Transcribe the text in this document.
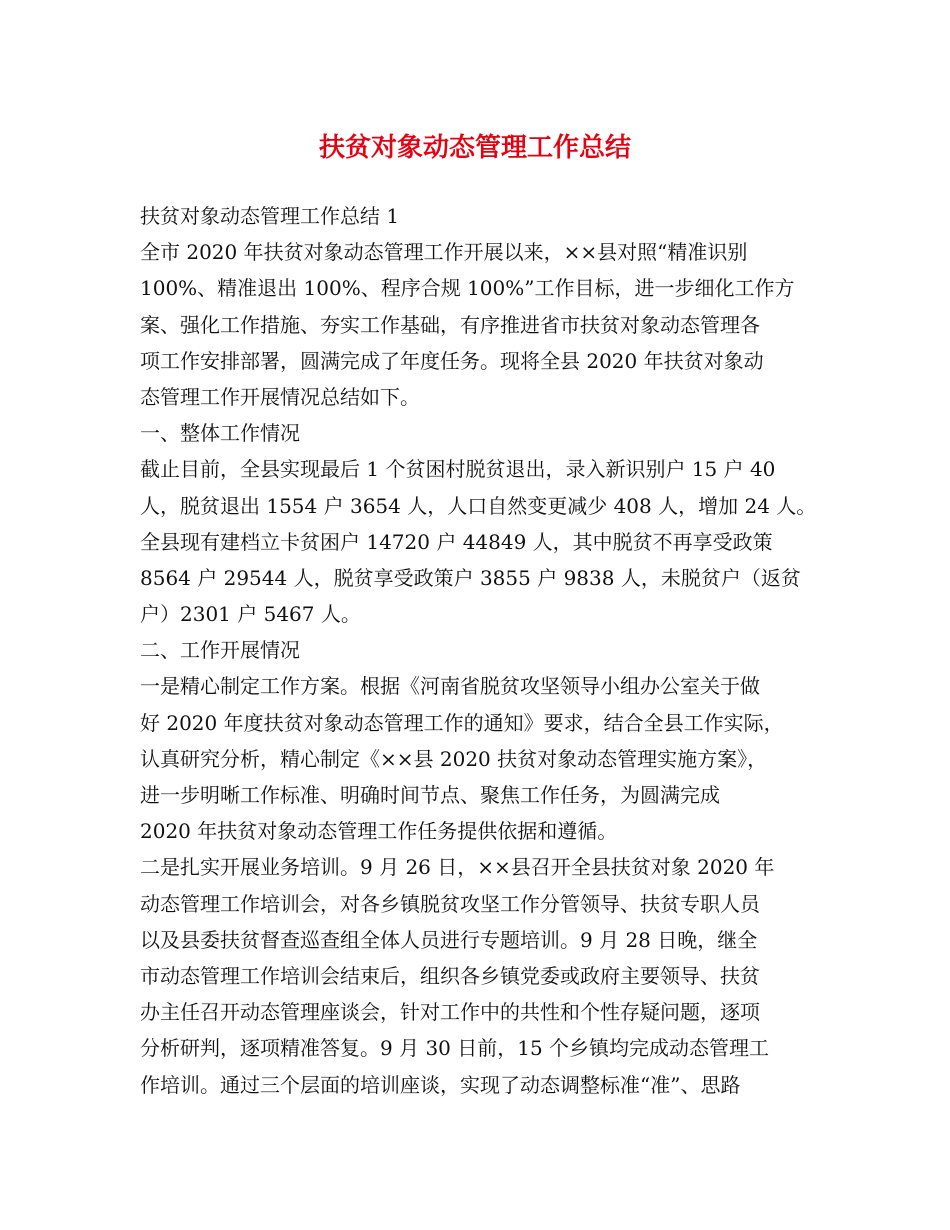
扶贫对象动态管理工作总结

扶贫对象动态管理工作总结 1

全市 2020 年扶贫对象动态管理工作开展以来，××县对照“精准识别

100%、精准退出 100%、程序合规 100%”工作目标，进一步细化工作方

案、强化工作措施、夯实工作基础，有序推进省市扶贫对象动态管理各

项工作安排部署，圆满完成了年度任务。现将全县 2020 年扶贫对象动

态管理工作开展情况总结如下。

一、整体工作情况

截止目前，全县实现最后 1 个贫困村脱贫退出，录入新识别户 15 户 40

人，脱贫退出 1554 户 3654 人，人口自然变更减少 408 人，增加 24 人。

全县现有建档立卡贫困户 14720 户 44849 人，其中脱贫不再享受政策

8564 户 29544 人，脱贫享受政策户 3855 户 9838 人，未脱贫户（返贫

户）2301 户 5467 人。

二、工作开展情况

一是精心制定工作方案。根据《河南省脱贫攻坚领导小组办公室关于做

好 2020 年度扶贫对象动态管理工作的通知》要求，结合全县工作实际，

认真研究分析，精心制定《××县 2020 扶贫对象动态管理实施方案》，

进一步明晰工作标准、明确时间节点、聚焦工作任务，为圆满完成

2020 年扶贫对象动态管理工作任务提供依据和遵循。

二是扎实开展业务培训。9 月 26 日，××县召开全县扶贫对象 2020 年

动态管理工作培训会，对各乡镇脱贫攻坚工作分管领导、扶贫专职人员

以及县委扶贫督查巡查组全体人员进行专题培训。9 月 28 日晚，继全

市动态管理工作培训会结束后，组织各乡镇党委或政府主要领导、扶贫

办主任召开动态管理座谈会，针对工作中的共性和个性存疑问题，逐项

分析研判，逐项精准答复。9 月 30 日前，15 个乡镇均完成动态管理工

作培训。通过三个层面的培训座谈，实现了动态调整标准“准”、思路
